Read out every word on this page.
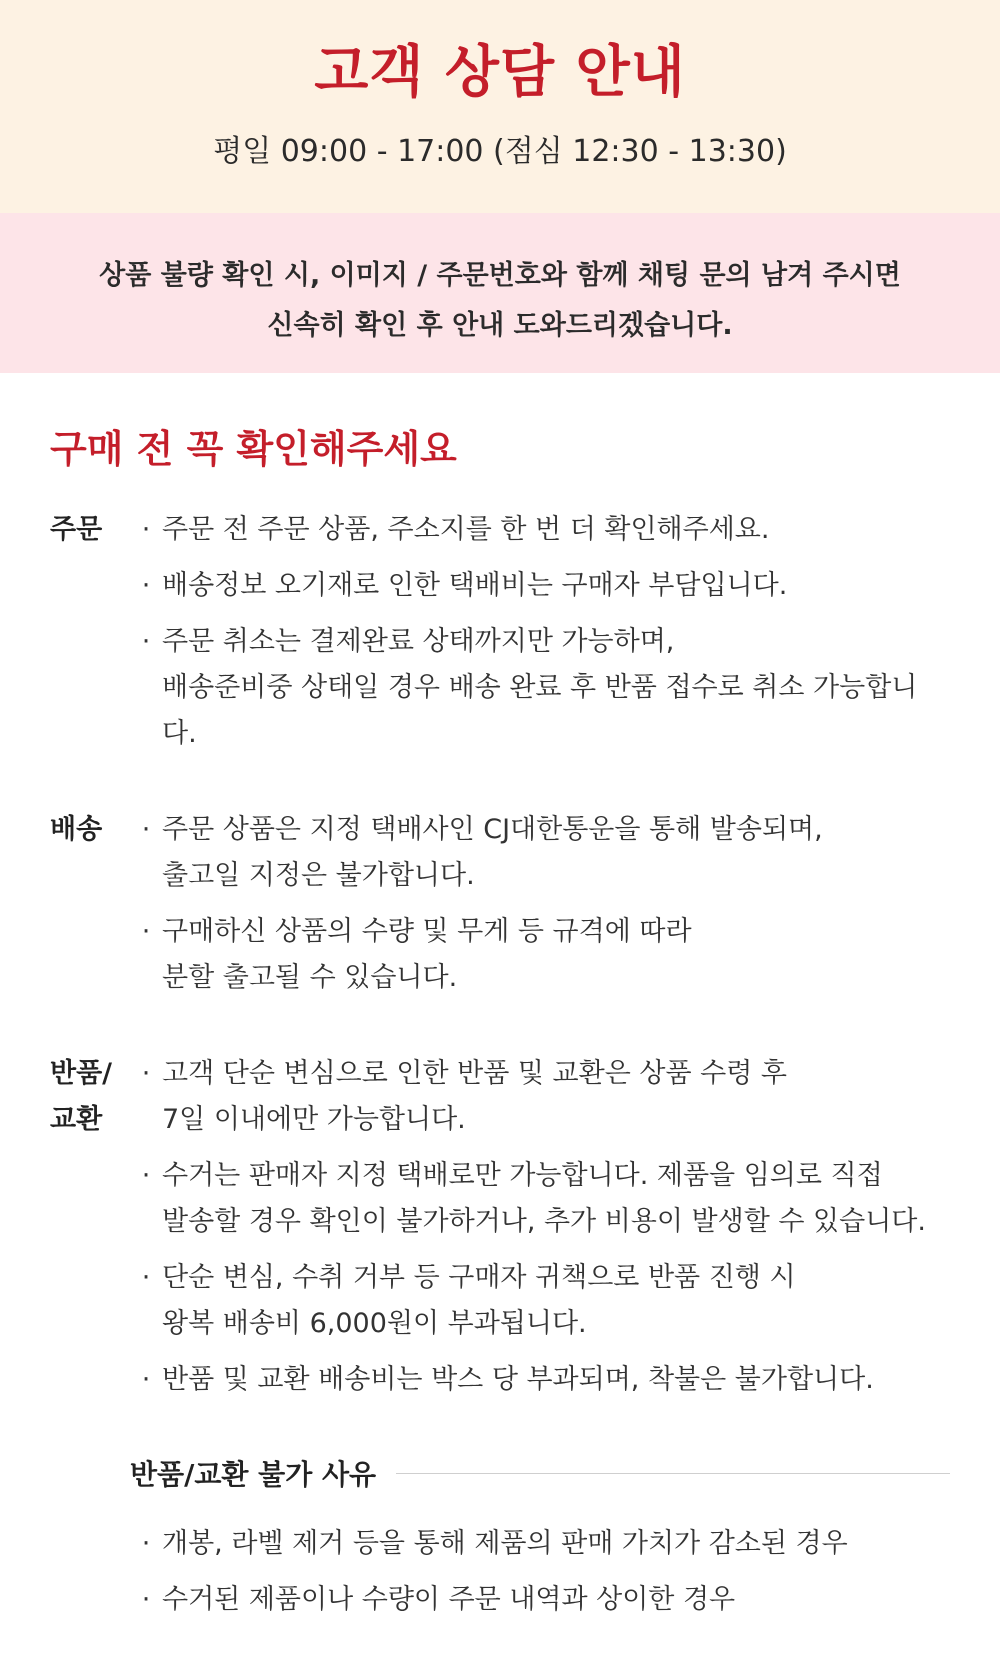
고객 상담 안내
평일 09:00 - 17:00 (점심 12:30 - 13:30)

상품 불량 확인 시, 이미지 / 주문번호와 함께 채팅 문의 남겨 주시면

신속히 확인 후 안내 도와드리겠습니다.

구매 전 꼭 확인해주세요
주문	· 주문 전 주문 상품, 주소지를 한 번 더 확인해주세요.
· 배송정보 오기재로 인한 택배비는 구매자 부담입니다.
· 주문 취소는 결제완료 상태까지만 가능하며,
배송준비중 상태일 경우 배송 완료 후 반품 접수로 취소 가능합니다.
배송	· 주문 상품은 지정 택배사인 CJ대한통운을 통해 발송되며,
출고일 지정은 불가합니다.
· 구매하신 상품의 수량 및 무게 등 규격에 따라
분할 출고될 수 있습니다.
반품/
교환
· 고객 단순 변심으로 인한 반품 및 교환은 상품 수령 후
7일 이내에만 가능합니다.
· 수거는 판매자 지정 택배로만 가능합니다. 제품을 임의로 직접
발송할 경우 확인이 불가하거나, 추가 비용이 발생할 수 있습니다.
· 단순 변심, 수취 거부 등 구매자 귀책으로 반품 진행 시
왕복 배송비 6,000원이 부과됩니다.
· 반품 및 교환 배송비는 박스 당 부과되며, 착불은 불가합니다.
반품/교환 불가 사유
· 개봉, 라벨 제거 등을 통해 제품의 판매 가치가 감소된 경우
· 수거된 제품이나 수량이 주문 내역과 상이한 경우
